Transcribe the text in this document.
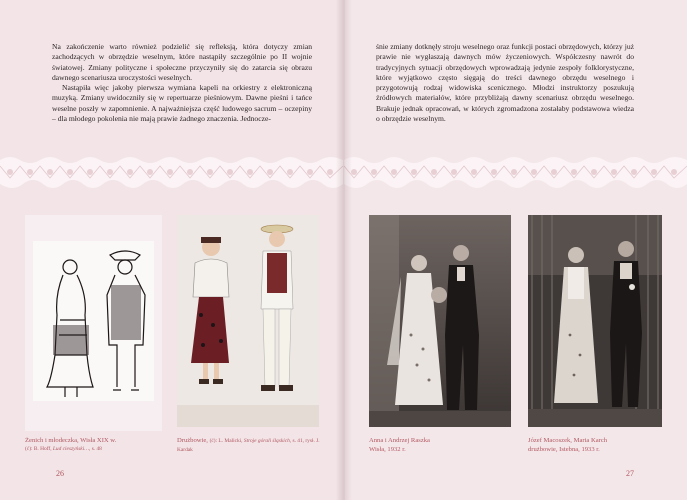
Na zakończenie warto również podzielić się refleksją, która dotyczy zmian zachodzących w obrzędzie weselnym, które nastąpiły szczególnie po II wojnie światowej. Zmiany polityczne i społeczne przyczyniły się do zatarcia się obrazu dawnego scenariusza uroczystości weselnych.

Nastąpiła więc jakoby pierwsza wymiana kapeli na orkiestry z elektroniczną muzyką. Zmiany uwidoczniły się w repertuarze pieśniowym. Dawne pieśni i tańce weselne poszły w zapomnienie. A najważniejsza część ludowego sacrum – oczepiny – dla młodego pokolenia nie mają prawie żadnego znaczenia. Jednocze-

Żenich i młodeczka, Wisła XIX w.
(ć): B. Hoff, Lud cieszyński…, s. 48
Drużbowie, (ć): L. Malicki, Stroje górali śląskich, s. 41, rysł. J. Kardak
26

śnie zmiany dotknęły stroju weselnego oraz funkcji postaci obrzędowych, którzy już prawie nie wygłaszają dawnych mów życzeniowych. Współczesny nawrót do tradycyjnych sytuacji obrzędowych wprowadzają jedynie zespoły folklorystyczne, które wyjątkowo często sięgają do treści dawnego obrzędu weselnego i przygotowują rodzaj widowiska scenicznego. Młodzi instruktorzy poszukują źródłowych materiałów, które przybliżają dawny scenariusz obrzędu weselnego. Brakuje jednak opracowań, w których zgromadzona zostałaby podstawowa wiedza o obrzędzie weselnym.

Anna i Andrzej Raszka
Wisła, 1932 r.
Józef Macoszek, Maria Karch
drużbowie, Istebna, 1933 r.
27
